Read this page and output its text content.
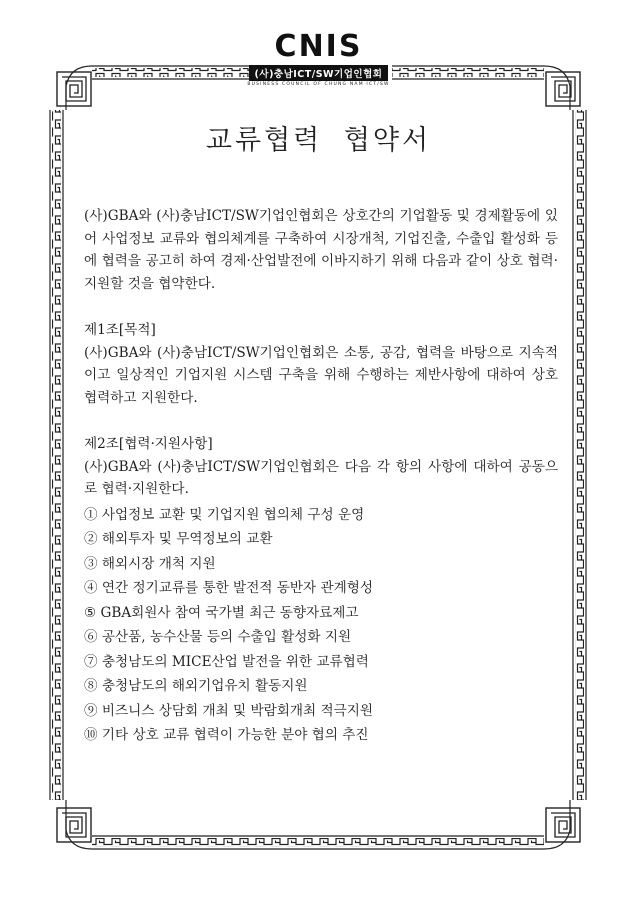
CNIS
(사)충남ICT/SW기업인협회
BUSINESS COUNCIL OF CHUNG NAM ICT/SW
교류협력 협약서

(사)GBA와 (사)충남ICT/SW기업인협회은 상호간의 기업활동 및 경제활동에 있어 사업정보 교류와 협의체계를 구축하여 시장개척, 기업진출, 수출입 활성화 등에 협력을 공고히 하여 경제·산업발전에 이바지하기 위해 다음과 같이 상호 협력·지원할 것을 협약한다.

제1조[목적]

(사)GBA와 (사)충남ICT/SW기업인협회은 소통, 공감, 협력을 바탕으로 지속적이고 일상적인 기업지원 시스템 구축을 위해 수행하는 제반사항에 대하여 상호 협력하고 지원한다.

제2조[협력·지원사항]

(사)GBA와 (사)충남ICT/SW기업인협회은 다음 각 항의 사항에 대하여 공동으로 협력·지원한다.

① 사업정보 교환 및 기업지원 협의체 구성 운영
② 해외투자 및 무역정보의 교환
③ 해외시장 개척 지원
④ 연간 정기교류를 통한 발전적 동반자 관계형성
⑤ GBA회원사 참여 국가별 최근 동향자료제고
⑥ 공산품, 농수산물 등의 수출입 활성화 지원
⑦ 충청남도의 MICE산업 발전을 위한 교류협력
⑧ 충청남도의 해외기업유치 활동지원
⑨ 비즈니스 상담회 개최 및 박람회개최 적극지원
⑩ 기타 상호 교류 협력이 가능한 분야 협의 추진
